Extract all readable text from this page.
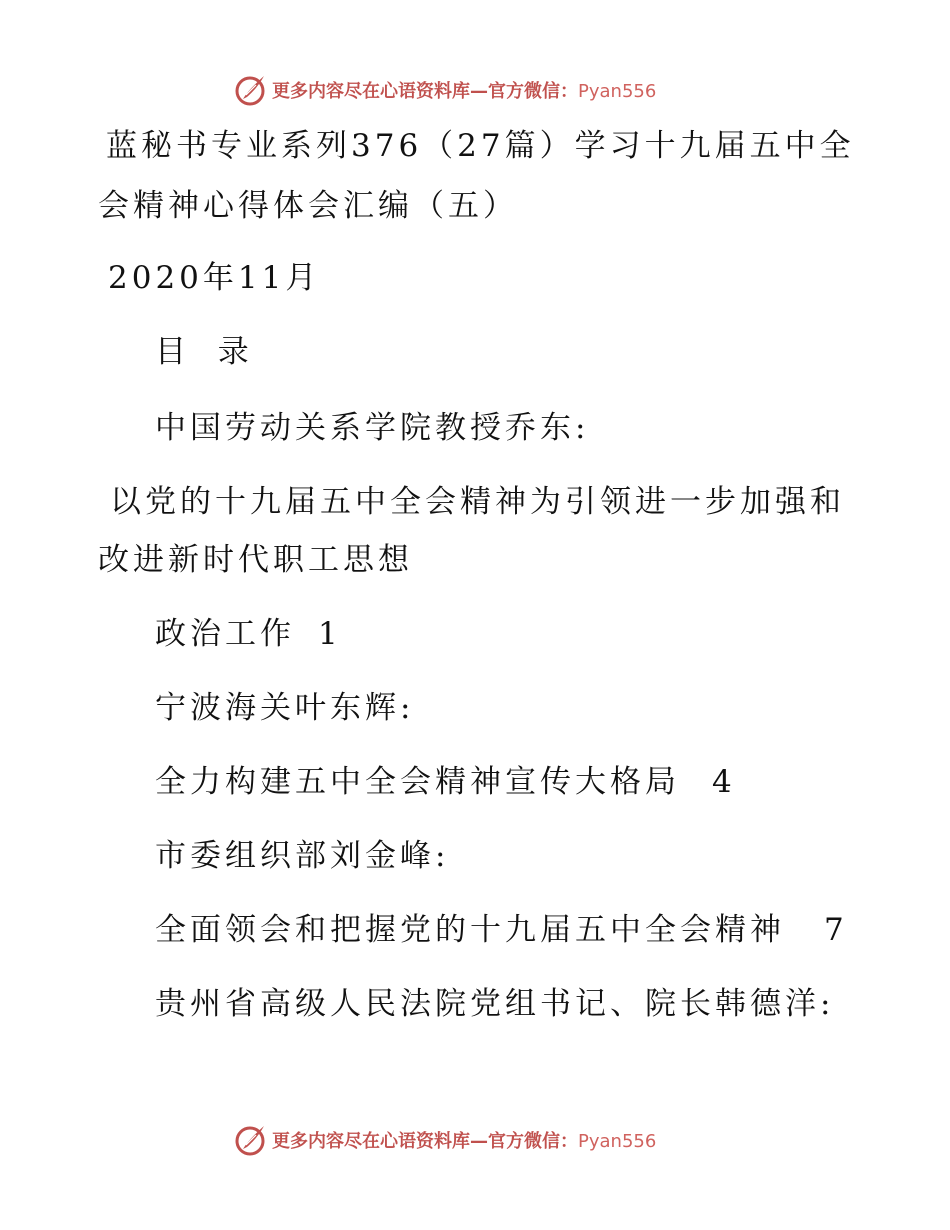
更多内容尽在心语资料库—官方微信：Pyan556
蓝秘书专业系列376（27篇）学习十九届五中全
会精神心得体会汇编（五）
2020年11月
目  录
中国劳动关系学院教授乔东:
以党的十九届五中全会精神为引领进一步加强和
改进新时代职工思想
政治工作 1
宁波海关叶东辉:
全力构建五中全会精神宣传大格局 4
市委组织部刘金峰:
全面领会和把握党的十九届五中全会精神 7
贵州省高级人民法院党组书记、院长韩德洋:
更多内容尽在心语资料库—官方微信：Pyan556
